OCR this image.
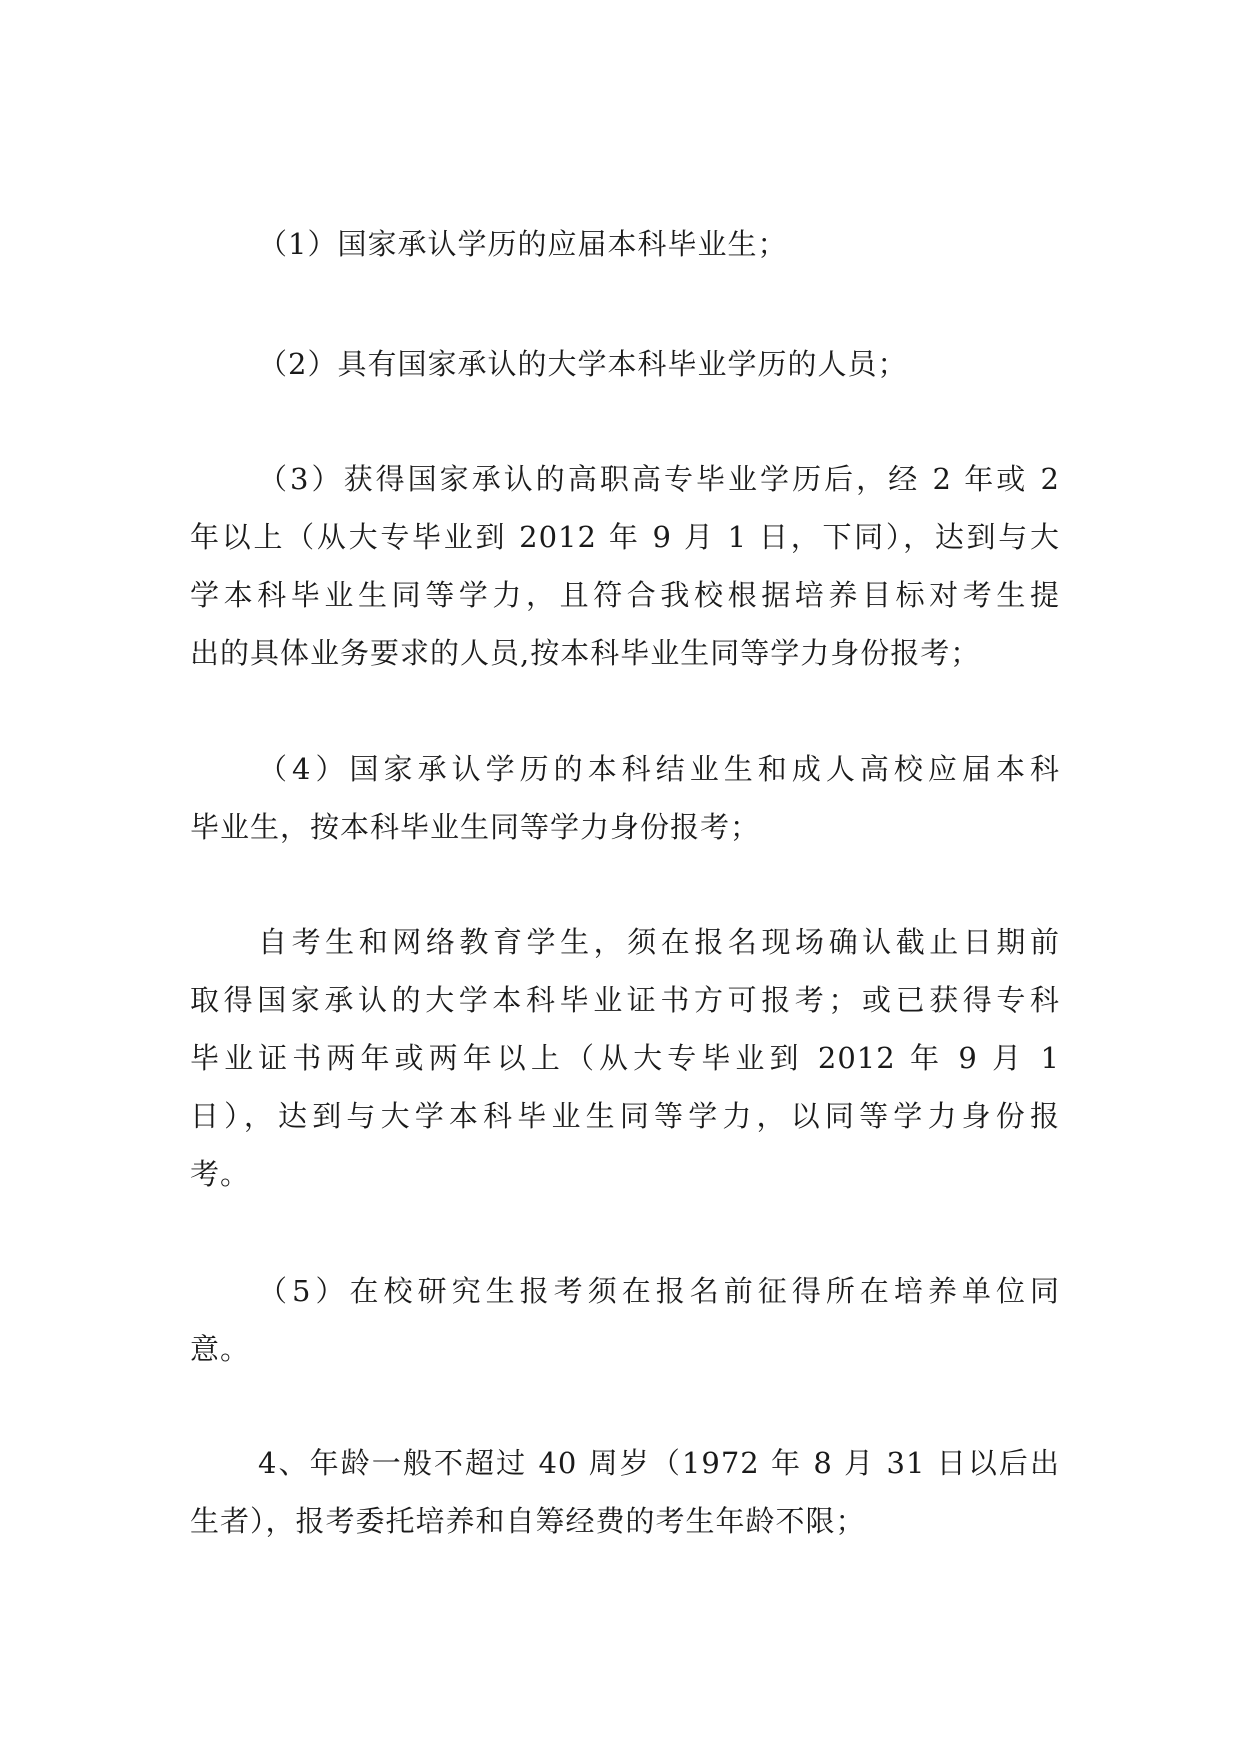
（1）国家承认学历的应届本科毕业生；
（2）具有国家承认的大学本科毕业学历的人员；
（3）获得国家承认的高职高专毕业学历后，经 2 年或 2
年以上（从大专毕业到 2012 年 9 月 1 日，下同），达到与大
学本科毕业生同等学力，且符合我校根据培养目标对考生提
出的具体业务要求的人员,按本科毕业生同等学力身份报考；
（4）国家承认学历的本科结业生和成人高校应届本科
毕业生，按本科毕业生同等学力身份报考；
自考生和网络教育学生，须在报名现场确认截止日期前
取得国家承认的大学本科毕业证书方可报考；或已获得专科
毕业证书两年或两年以上（从大专毕业到 2012 年 9 月 1
日），达到与大学本科毕业生同等学力，以同等学力身份报
考。
（5）在校研究生报考须在报名前征得所在培养单位同
意。
4、年龄一般不超过 40 周岁（1972 年 8 月 31 日以后出
生者），报考委托培养和自筹经费的考生年龄不限；
